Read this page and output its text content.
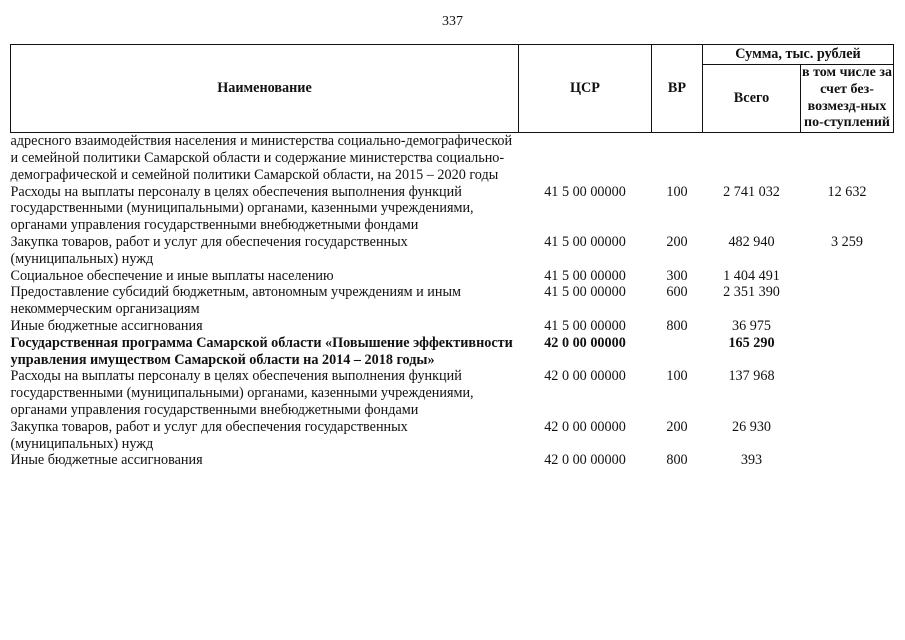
337
Наименование	ЦСР	ВР	Сумма, тыс. рублей	
			Всего	в том числе за счет без-возмезд-ных по-ступлений
адресного взаимодействия населения и министерства социально-демографической и семейной политики Самарской области и содержание министерства социально-демографической и семейной политики Самарской области, на 2015 – 2020 годы				
Расходы на выплаты персоналу в целях обеспечения выполнения функций государственными (муниципальными) органами, казенными учреждениями, органами управления государственными внебюджетными фондами	41 5 00 00000	100	2 741 032	12 632
Закупка товаров, работ и услуг для обеспечения государственных (муниципальных) нужд	41 5 00 00000	200	482 940	3 259
Социальное обеспечение и иные выплаты населению	41 5 00 00000	300	1 404 491	
Предоставление субсидий бюджетным, автономным учреждениям и иным некоммерческим организациям	41 5 00 00000	600	2 351 390	
Иные бюджетные ассигнования	41 5 00 00000	800	36 975	
Государственная программа Самарской области «Повышение эффективности управления имуществом Самарской области на 2014 – 2018 годы»	42 0 00 00000		165 290	
Расходы на выплаты персоналу в целях обеспечения выполнения функций государственными (муниципальными) органами, казенными учреждениями, органами управления государственными внебюджетными фондами	42 0 00 00000	100	137 968	
Закупка товаров, работ и услуг для обеспечения государственных (муниципальных) нужд	42 0 00 00000	200	26 930	
Иные бюджетные ассигнования	42 0 00 00000	800	393	
